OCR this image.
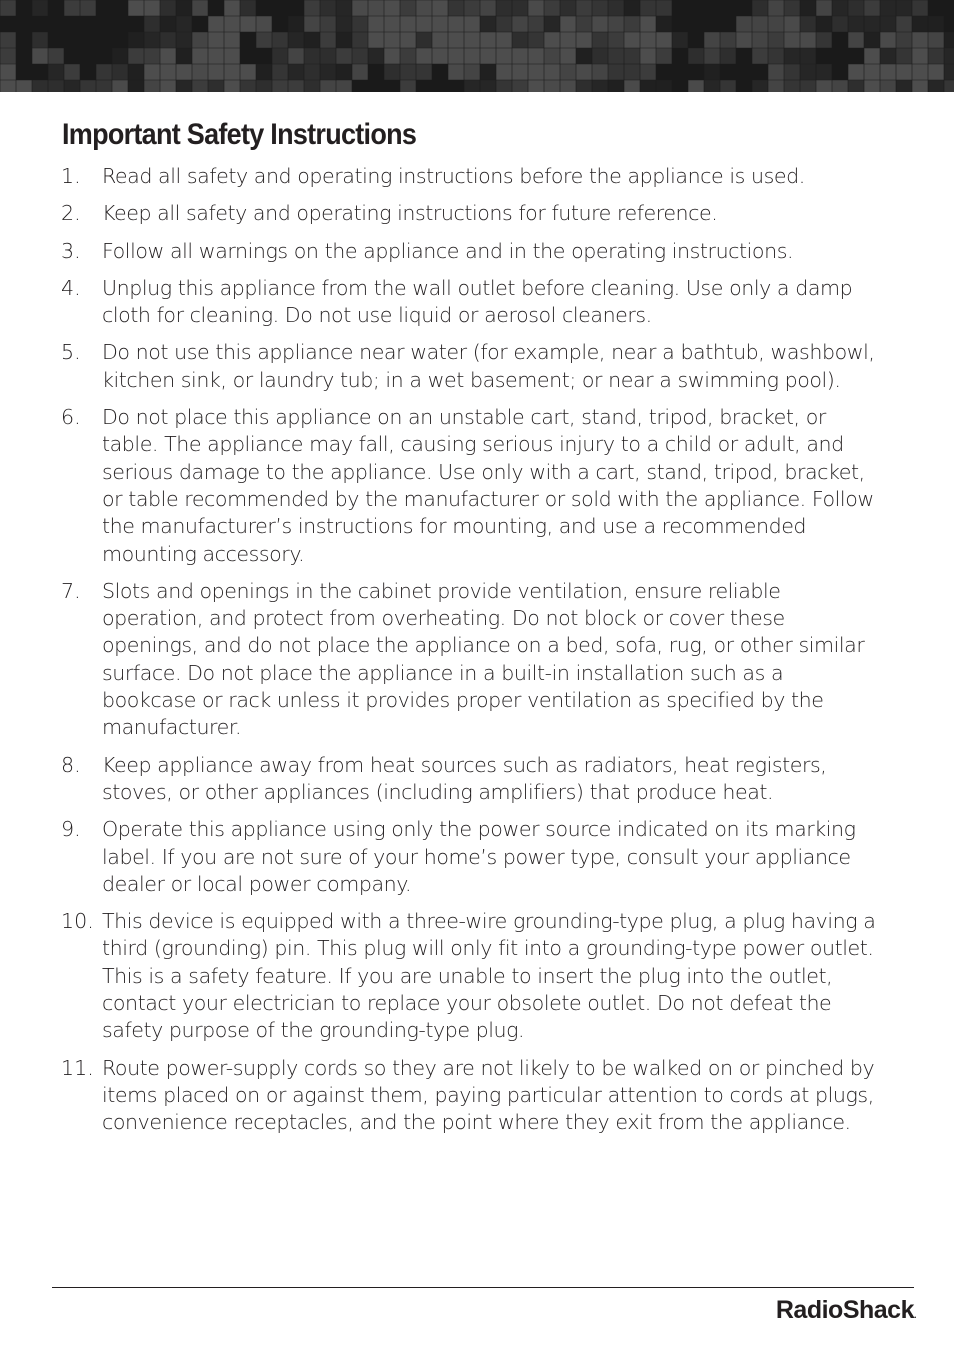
Important Safety Instructions
1. Read all safety and operating instructions before the appliance is used.
2. Keep all safety and operating instructions for future reference.
3. Follow all warnings on the appliance and in the operating instructions.
4. Unplug this appliance from the wall outlet before cleaning. Use only a damp cloth for cleaning. Do not use liquid or aerosol cleaners.
5. Do not use this appliance near water (for example, near a bathtub, washbowl, kitchen sink, or laundry tub; in a wet basement; or near a swimming pool).
6. Do not place this appliance on an unstable cart, stand, tripod, bracket, or table. The appliance may fall, causing serious injury to a child or adult, and serious damage to the appliance. Use only with a cart, stand, tripod, bracket, or table recommended by the manufacturer or sold with the appliance. Follow the manufacturer’s instructions for mounting, and use a recommended mounting accessory.
7. Slots and openings in the cabinet provide ventilation, ensure reliable operation, and protect from overheating. Do not block or cover these openings, and do not place the appliance on a bed, sofa, rug, or other similar surface. Do not place the appliance in a built-in installation such as a bookcase or rack unless it provides proper ventilation as specified by the manufacturer.
8. Keep appliance away from heat sources such as radiators, heat registers, stoves, or other appliances (including amplifiers) that produce heat.
9. Operate this appliance using only the power source indicated on its marking label. If you are not sure of your home’s power type, consult your appliance dealer or local power company.
10. This device is equipped with a three-wire grounding-type plug, a plug having a third (grounding) pin. This plug will only fit into a grounding-type power outlet. This is a safety feature. If you are unable to insert the plug into the outlet, contact your electrician to replace your obsolete outlet. Do not defeat the safety purpose of the grounding-type plug.
11. Route power-supply cords so they are not likely to be walked on or pinched by items placed on or against them, paying particular attention to cords at plugs, convenience receptacles, and the point where they exit from the appliance.
RadioShack.
